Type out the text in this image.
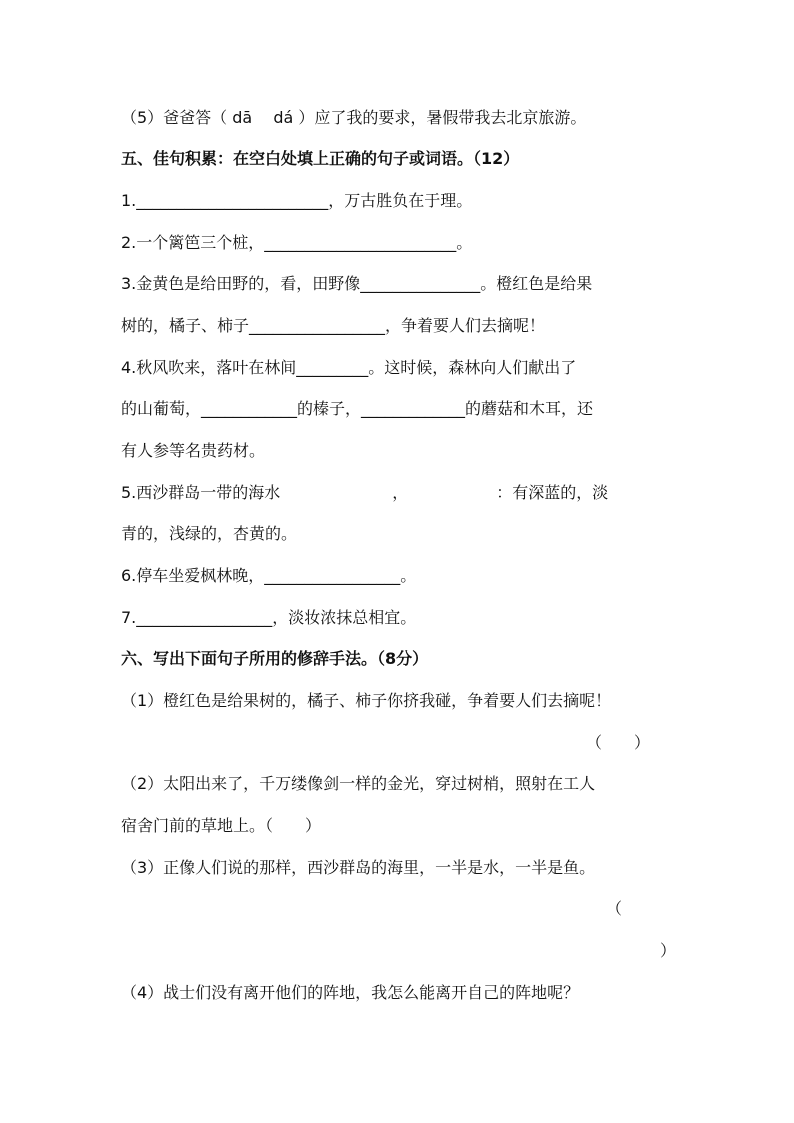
（5）爸爸答（ dā　 dá ）应了我的要求，暑假带我去北京旅游。
五、佳句积累：在空白处填上正确的句子或词语。（12）
1.________________________，万古胜负在于理。
2.一个篱笆三个桩，________________________。
3.金黄色是给田野的，看，田野像_______________。橙红色是给果
树的，橘子、柿子_________________，争着要人们去摘呢！
4.秋风吹来，落叶在林间_________。这时候，森林向人们献出了
的山葡萄，____________的榛子，_____________的蘑菇和木耳，还
有人参等名贵药材。
5.西沙群岛一带的海水　　　　　　　，　　　　　　：有深蓝的，淡
青的，浅绿的，杏黄的。
6.停车坐爱枫林晚，_________________。
7._________________，淡妆浓抹总相宜。
六、写出下面句子所用的修辞手法。（8分）
（1）橙红色是给果树的，橘子、柿子你挤我碰，争着要人们去摘呢！
（　　）
（2）太阳出来了，千万缕像剑一样的金光，穿过树梢，照射在工人
宿舍门前的草地上。（　　）
（3）正像人们说的那样，西沙群岛的海里，一半是水，一半是鱼。
（
）
（4）战士们没有离开他们的阵地，我怎么能离开自己的阵地呢？
